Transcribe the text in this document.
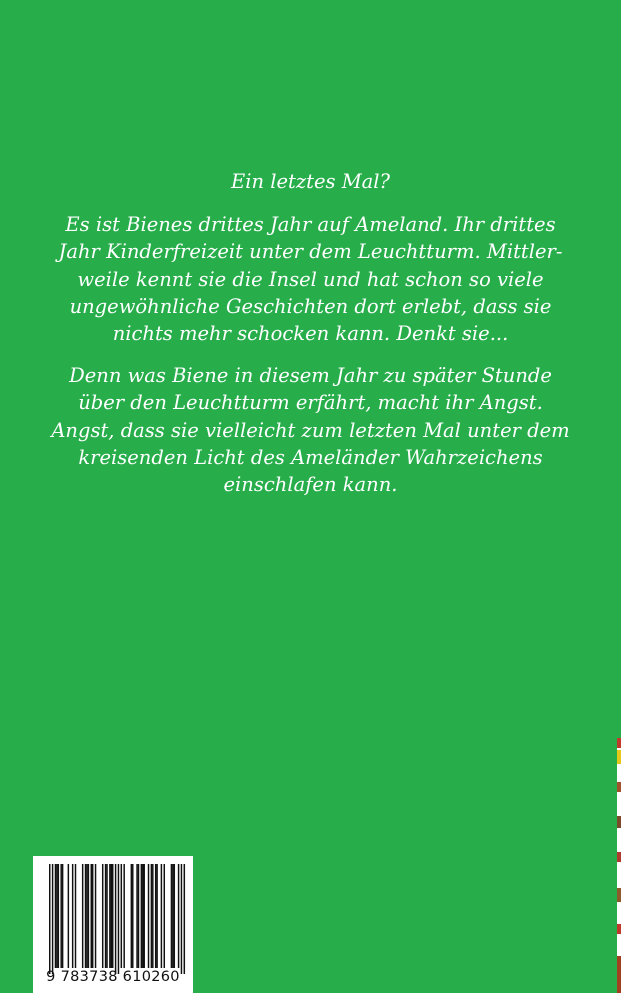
Ein letztes Mal?

Es ist Bienes drittes Jahr auf Ameland. Ihr drittes
Jahr Kinderfreizeit unter dem Leuchtturm. Mittler-
weile kennt sie die Insel und hat schon so viele
ungewöhnliche Geschichten dort erlebt, dass sie
nichts mehr schocken kann. Denkt sie...

Denn was Biene in diesem Jahr zu später Stunde
über den Leuchtturm erfährt, macht ihr Angst.
Angst, dass sie vielleicht zum letzten Mal unter dem
kreisenden Licht des Ameländer Wahrzeichens
einschlafen kann.

9 783738 610260
